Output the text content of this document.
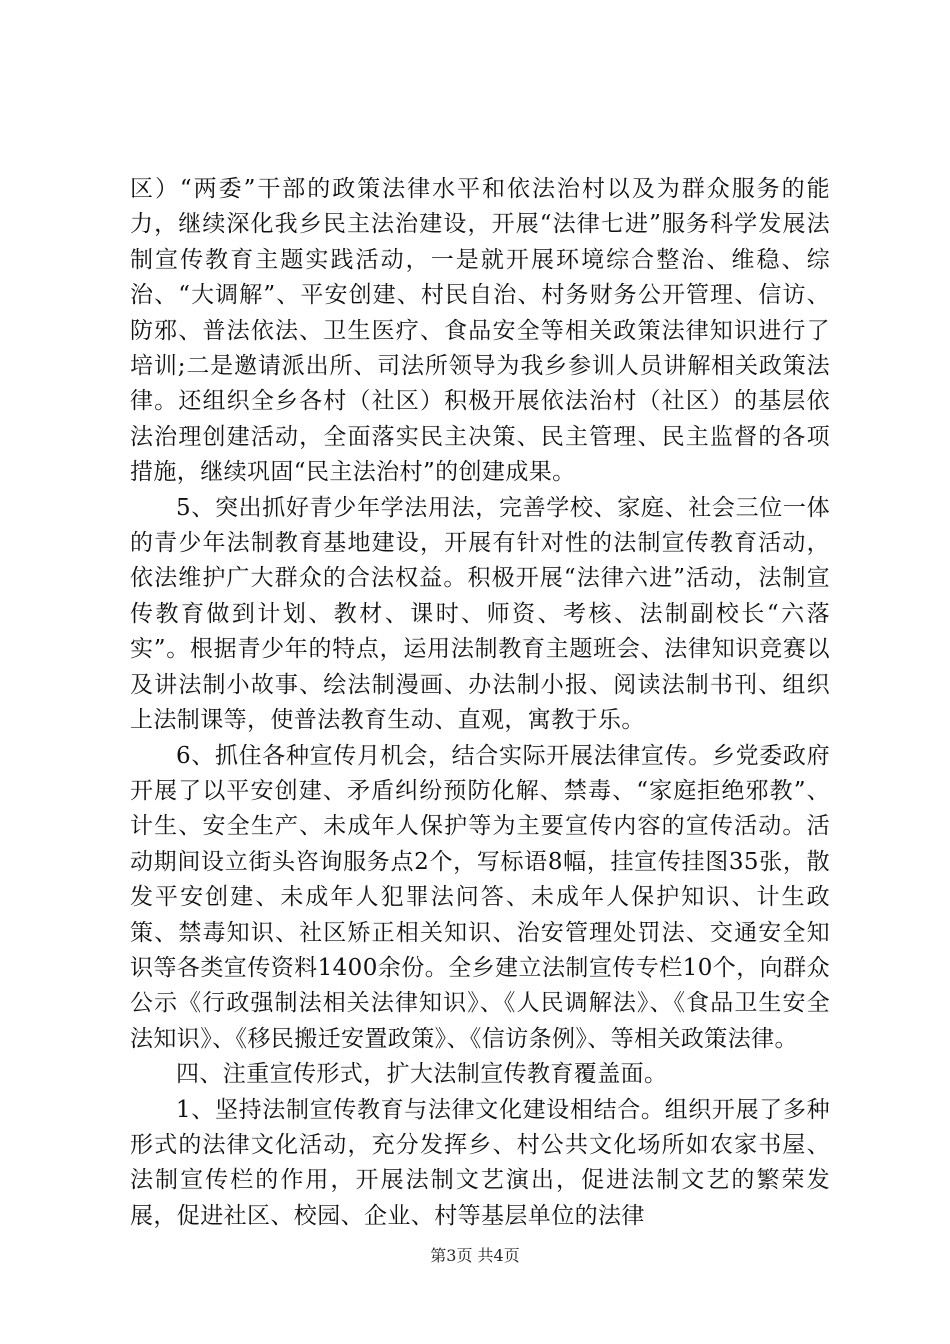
区）“两委”干部的政策法律水平和依法治村以及为群众服务的能力，继续深化我乡民主法治建设，开展“法律七进”服务科学发展法制宣传教育主题实践活动，一是就开展环境综合整治、维稳、综治、“大调解”、平安创建、村民自治、村务财务公开管理、信访、防邪、普法依法、卫生医疗、食品安全等相关政策法律知识进行了培训;二是邀请派出所、司法所领导为我乡参训人员讲解相关政策法律。还组织全乡各村（社区）积极开展依法治村（社区）的基层依法治理创建活动，全面落实民主决策、民主管理、民主监督的各项措施，继续巩固“民主法治村”的创建成果。

5、突出抓好青少年学法用法，完善学校、家庭、社会三位一体的青少年法制教育基地建设，开展有针对性的法制宣传教育活动，依法维护广大群众的合法权益。积极开展“法律六进”活动，法制宣传教育做到计划、教材、课时、师资、考核、法制副校长“六落实”。根据青少年的特点，运用法制教育主题班会、法律知识竞赛以及讲法制小故事、绘法制漫画、办法制小报、阅读法制书刊、组织上法制课等，使普法教育生动、直观，寓教于乐。

6、抓住各种宣传月机会，结合实际开展法律宣传。乡党委政府开展了以平安创建、矛盾纠纷预防化解、禁毒、“家庭拒绝邪教”、计生、安全生产、未成年人保护等为主要宣传内容的宣传活动。活动期间设立街头咨询服务点2个，写标语8幅，挂宣传挂图35张，散发平安创建、未成年人犯罪法问答、未成年人保护知识、计生政策、禁毒知识、社区矫正相关知识、治安管理处罚法、交通安全知识等各类宣传资料1400余份。全乡建立法制宣传专栏10个，向群众公示《行政强制法相关法律知识》、《人民调解法》、《食品卫生安全法知识》、《移民搬迁安置政策》、《信访条例》、等相关政策法律。

四、注重宣传形式，扩大法制宣传教育覆盖面。

1、坚持法制宣传教育与法律文化建设相结合。组织开展了多种形式的法律文化活动，充分发挥乡、村公共文化场所如农家书屋、法制宣传栏的作用，开展法制文艺演出，促进法制文艺的繁荣发展，促进社区、校园、企业、村等基层单位的法律

第3页 共4页
